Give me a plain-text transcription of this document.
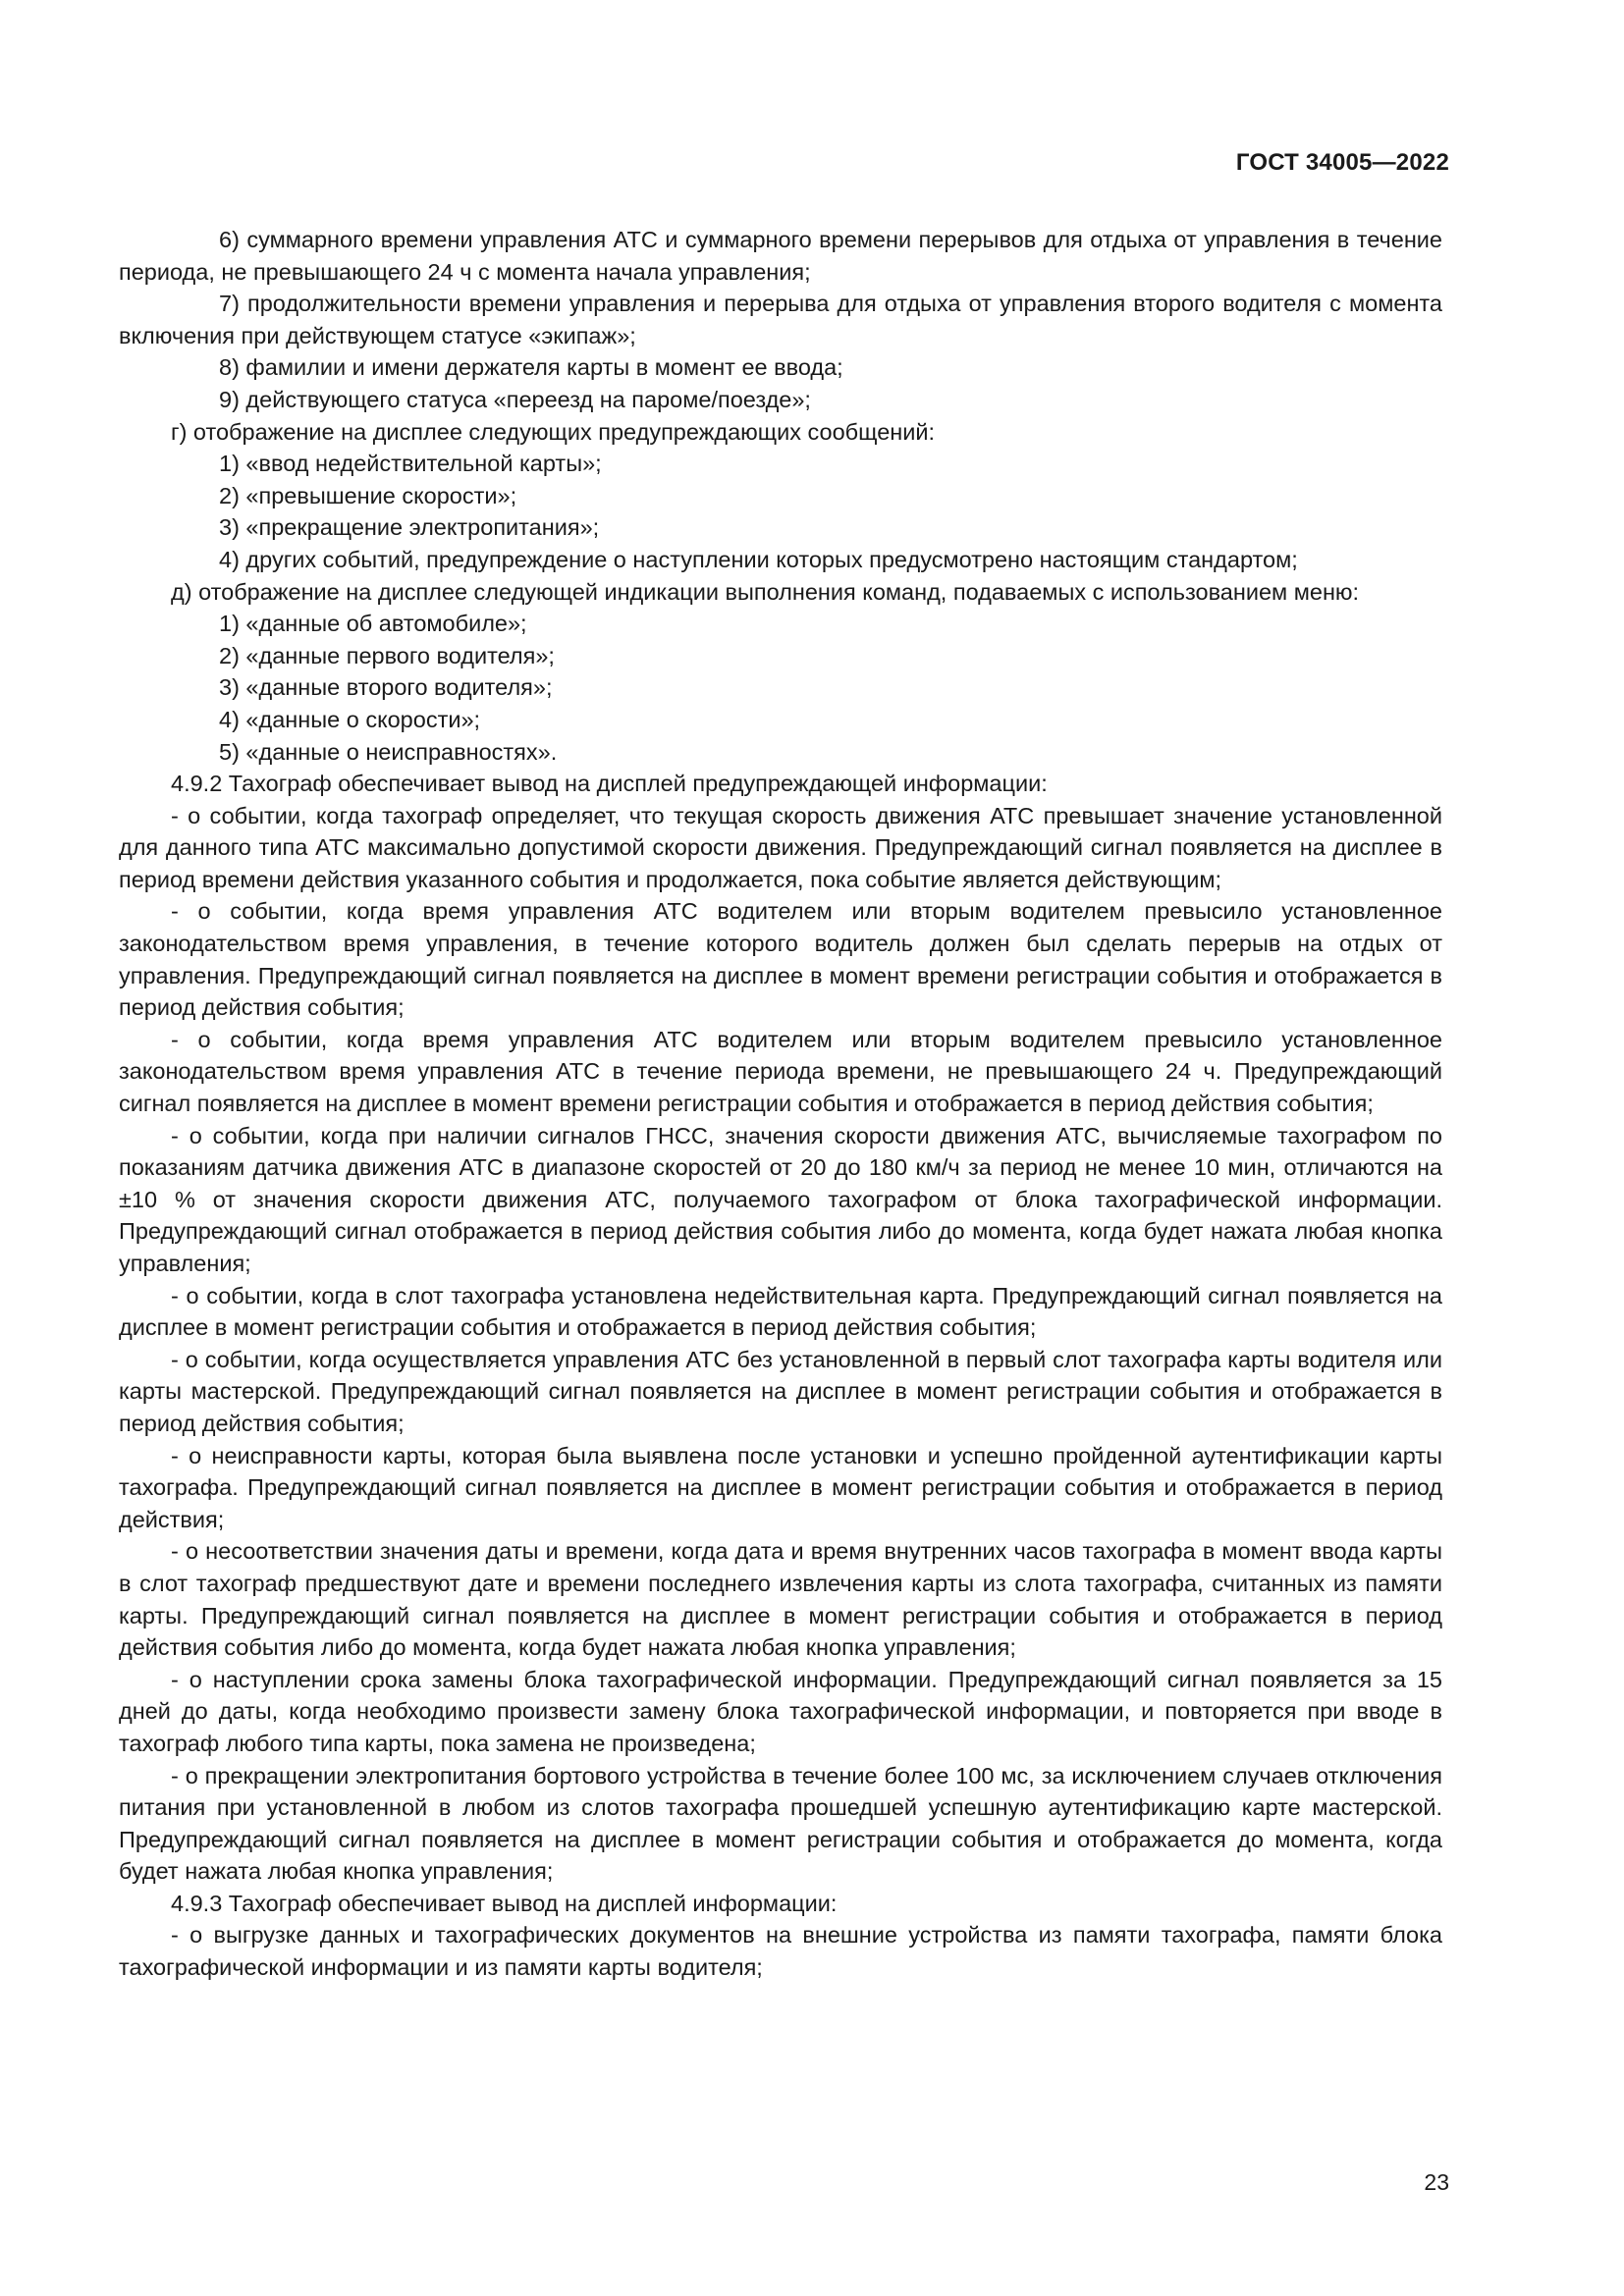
ГОСТ 34005—2022

6) суммарного времени управления АТС и суммарного времени перерывов для отдыха от управления в течение периода, не превышающего 24 ч с момента начала управления;

7) продолжительности времени управления и перерыва для отдыха от управления второго водителя с момента включения при действующем статусе «экипаж»;

8) фамилии и имени держателя карты в момент ее ввода;

9) действующего статуса «переезд на пароме/поезде»;

г) отображение на дисплее следующих предупреждающих сообщений:

1) «ввод недействительной карты»;

2) «превышение скорости»;

3) «прекращение электропитания»;

4) других событий, предупреждение о наступлении которых предусмотрено настоящим стандартом;

д) отображение на дисплее следующей индикации выполнения команд, подаваемых с использованием меню:

1) «данные об автомобиле»;

2) «данные первого водителя»;

3) «данные второго водителя»;

4) «данные о скорости»;

5) «данные о неисправностях».

4.9.2 Тахограф обеспечивает вывод на дисплей предупреждающей информации:

- о событии, когда тахограф определяет, что текущая скорость движения АТС превышает значение установленной для данного типа АТС максимально допустимой скорости движения. Предупреждающий сигнал появляется на дисплее в период времени действия указанного события и продолжается, пока событие является действующим;

- о событии, когда время управления АТС водителем или вторым водителем превысило установленное законодательством время управления, в течение которого водитель должен был сделать перерыв на отдых от управления. Предупреждающий сигнал появляется на дисплее в момент времени регистрации события и отображается в период действия события;

- о событии, когда время управления АТС водителем или вторым водителем превысило установленное законодательством время управления АТС в течение периода времени, не превышающего 24 ч. Предупреждающий сигнал появляется на дисплее в момент времени регистрации события и отображается в период действия события;

- о событии, когда при наличии сигналов ГНСС, значения скорости движения АТС, вычисляемые тахографом по показаниям датчика движения АТС в диапазоне скоростей от 20 до 180 км/ч за период не менее 10 мин, отличаются на ±10 % от значения скорости движения АТС, получаемого тахографом от блока тахографической информации. Предупреждающий сигнал отображается в период действия события либо до момента, когда будет нажата любая кнопка управления;

- о событии, когда в слот тахографа установлена недействительная карта. Предупреждающий сигнал появляется на дисплее в момент регистрации события и отображается в период действия события;

- о событии, когда осуществляется управления АТС без установленной в первый слот тахографа карты водителя или карты мастерской. Предупреждающий сигнал появляется на дисплее в момент регистрации события и отображается в период действия события;

- о неисправности карты, которая была выявлена после установки и успешно пройденной аутентификации карты тахографа. Предупреждающий сигнал появляется на дисплее в момент регистрации события и отображается в период действия;

- о несоответствии значения даты и времени, когда дата и время внутренних часов тахографа в момент ввода карты в слот тахограф предшествуют дате и времени последнего извлечения карты из слота тахографа, считанных из памяти карты. Предупреждающий сигнал появляется на дисплее в момент регистрации события и отображается в период действия события либо до момента, когда будет нажата любая кнопка управления;

- о наступлении срока замены блока тахографической информации. Предупреждающий сигнал появляется за 15 дней до даты, когда необходимо произвести замену блока тахографической информации, и повторяется при вводе в тахограф любого типа карты, пока замена не произведена;

- о прекращении электропитания бортового устройства в течение более 100 мс, за исключением случаев отключения питания при установленной в любом из слотов тахографа прошедшей успешную аутентификацию карте мастерской. Предупреждающий сигнал появляется на дисплее в момент регистрации события и отображается до момента, когда будет нажата любая кнопка управления;

4.9.3 Тахограф обеспечивает вывод на дисплей информации:

- о выгрузке данных и тахографических документов на внешние устройства из памяти тахографа, памяти блока тахографической информации и из памяти карты водителя;

23
